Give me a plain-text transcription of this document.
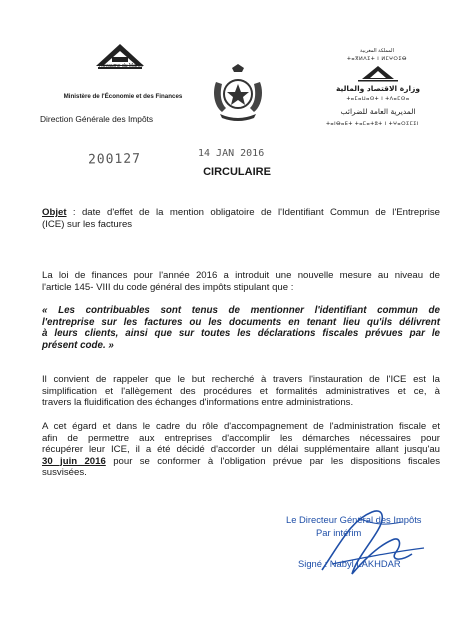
Royaume du Maroc
Ministère de l'Économie et des Finances
Direction Générale des Impôts
المملكة المغربية
ⵜⴰⴳⵍⴷⵉⵜ ⵏ ⵍⵎⵖⵔⵉⴱ
وزارة الاقتصاد والمالية
ⵜⴰⵎⴰⵡⴰⵙⵜ ⵏ ⵜⴷⴰⵎⵙⴰ
المديرية العامة للضرائب
ⵜⴰⵏⴱⴰⴹⵜ ⵜⴰⵎⴰⵜⵓⵜ ⵏ ⵜⵖⴰⵔⵉⵎⵉⵏ
200127	14 JAN 2016
CIRCULAIRE
Objet : date d'effet de la mention obligatoire de l'Identifiant Commun de l'Entreprise
(ICE) sur les factures
La loi de finances pour l'année 2016 a introduit une nouvelle mesure au niveau de
l'article 145- VIII du code général des impôts stipulant que :
« Les contribuables sont tenus de mentionner l'identifiant commun de
l'entreprise sur les factures ou les documents en tenant lieu qu'ils délivrent
à leurs clients, ainsi que sur toutes les déclarations fiscales prévues par le
présent code. »
Il convient de rappeler que le but recherché à travers l'instauration de l'ICE est la
simplification et l'allègement des procédures et formalités administratives et ce, à
travers la fluidification des échanges d'informations entre administrations.
A cet égard et dans le cadre du rôle d'accompagnement de l'administration fiscale et
afin de permettre aux entreprises d'accomplir les démarches nécessaires pour
récupérer leur ICE, il a été décidé d'accorder un délai supplémentaire allant jusqu'au
30 juin 2016 pour se conformer à l'obligation prévue par les dispositions fiscales
susvisées.
Le Directeur Général des Impôts
Par intérim
Signé : Nabyl LAKHDAR
